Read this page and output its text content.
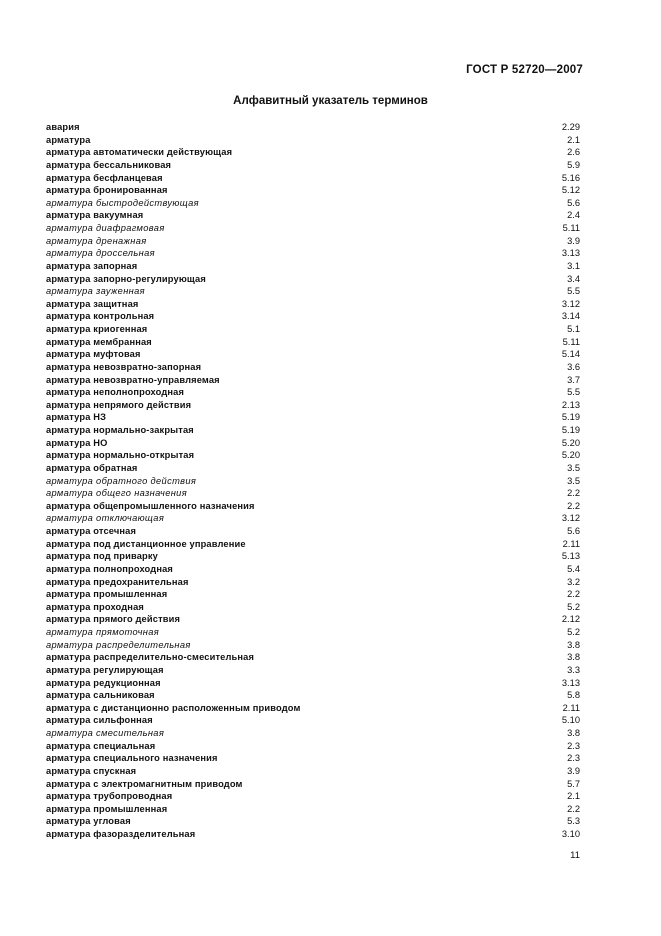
ГОСТ Р 52720—2007
Алфавитный указатель терминов
авария	2.29
арматура	2.1
арматура автоматически действующая	2.6
арматура бессальниковая	5.9
арматура бесфланцевая	5.16
арматура бронированная	5.12
арматура быстродействующая	5.6
арматура вакуумная	2.4
арматура диафрагмовая	5.11
арматура дренажная	3.9
арматура дроссельная	3.13
арматура запорная	3.1
арматура запорно-регулирующая	3.4
арматура зауженная	5.5
арматура защитная	3.12
арматура контрольная	3.14
арматура криогенная	5.1
арматура мембранная	5.11
арматура муфтовая	5.14
арматура невозвратно-запорная	3.6
арматура невозвратно-управляемая	3.7
арматура неполнопроходная	5.5
арматура непрямого действия	2.13
арматура НЗ	5.19
арматура нормально-закрытая	5.19
арматура НО	5.20
арматура нормально-открытая	5.20
арматура обратная	3.5
арматура обратного действия	3.5
арматура общего назначения	2.2
арматура общепромышленного назначения	2.2
арматура отключающая	3.12
арматура отсечная	5.6
арматура под дистанционное управление	2.11
арматура под приварку	5.13
арматура полнопроходная	5.4
арматура предохранительная	3.2
арматура промышленная	2.2
арматура проходная	5.2
арматура прямого действия	2.12
арматура прямоточная	5.2
арматура распределительная	3.8
арматура распределительно-смесительная	3.8
арматура регулирующая	3.3
арматура редукционная	3.13
арматура сальниковая	5.8
арматура с дистанционно расположенным приводом	2.11
арматура сильфонная	5.10
арматура смесительная	3.8
арматура специальная	2.3
арматура специального назначения	2.3
арматура спускная	3.9
арматура с электромагнитным приводом	5.7
арматура трубопроводная	2.1
арматура промышленная	2.2
арматура угловая	5.3
арматура фазоразделительная	3.10
11
